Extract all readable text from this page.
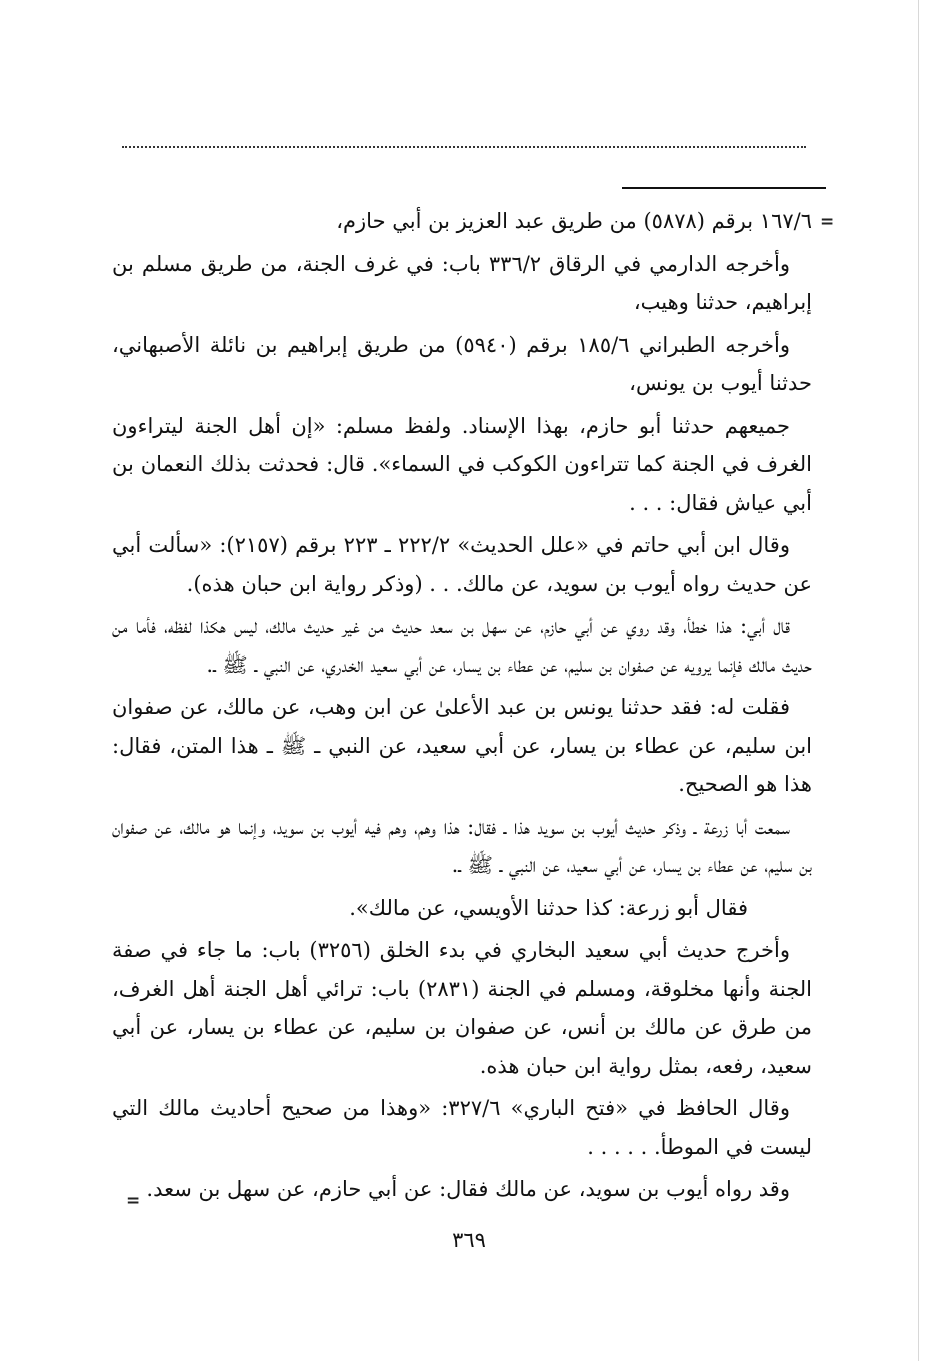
=

١٦٧/٦ برقم (٥٨٧٨) من طريق عبد العزيز بن أبي حازم،

وأخرجه الدارمي في الرقاق ٣٣٦/٢ باب: في غرف الجنة، من طريق مسلم بن إبراهيم، حدثنا وهيب،

وأخرجه الطبراني ١٨٥/٦ برقم (٥٩٤٠) من طريق إبراهيم بن نائلة الأصبهاني، حدثنا أيوب بن يونس،

جميعهم حدثنا أبو حازم، بهذا الإسناد. ولفظ مسلم: «إن أهل الجنة ليتراءون الغرف في الجنة كما تتراءون الكوكب في السماء». قال: فحدثت بذلك النعمان بن أبي عياش فقال: . . .

وقال ابن أبي حاتم في «علل الحديث» ٢٢٢/٢ ـ ٢٢٣ برقم (٢١٥٧): «سألت أبي عن حديث رواه أيوب بن سويد، عن مالك. . . (وذكر رواية ابن حبان هذه).

قال أبي: هذا خطأ، وقد روي عن أبي حازم، عن سهل بن سعد حديث من غير حديث مالك، ليس هكذا لفظه، فأما من حديث مالك فإنما يرويه عن صفوان بن سليم، عن عطاء بن يسار، عن أبي سعيد الخدري، عن النبي ـ ﷺ ـ.

فقلت له: فقد حدثنا يونس بن عبد الأعلىٰ عن ابن وهب، عن مالك، عن صفوان ابن سليم، عن عطاء بن يسار، عن أبي سعيد، عن النبي ـ ﷺ ـ هذا المتن، فقال: هذا هو الصحيح.

سمعت أبا زرعة ـ وذكر حديث أيوب بن سويد هذا ـ فقال: هذا وهم، وهم فيه أيوب بن سويد، وإنما هو مالك، عن صفوان بن سليم، عن عطاء بن يسار، عن أبي سعيد، عن النبي ـ ﷺ ـ.

فقال أبو زرعة: كذا حدثنا الأويسي، عن مالك».

وأخرج حديث أبي سعيد البخاري في بدء الخلق (٣٢٥٦) باب: ما جاء في صفة الجنة وأنها مخلوقة، ومسلم في الجنة (٢٨٣١) باب: ترائي أهل الجنة أهل الغرف، من طرق عن مالك بن أنس، عن صفوان بن سليم، عن عطاء بن يسار، عن أبي سعيد، رفعه، بمثل رواية ابن حبان هذه.

وقال الحافظ في «فتح الباري» ٣٢٧/٦: «وهذا من صحيح أحاديث مالك التي ليست في الموطأ. . . . . .

وقد رواه أيوب بن سويد، عن مالك فقال: عن أبي حازم، عن سهل بن سعد.

=
٣٦٩
